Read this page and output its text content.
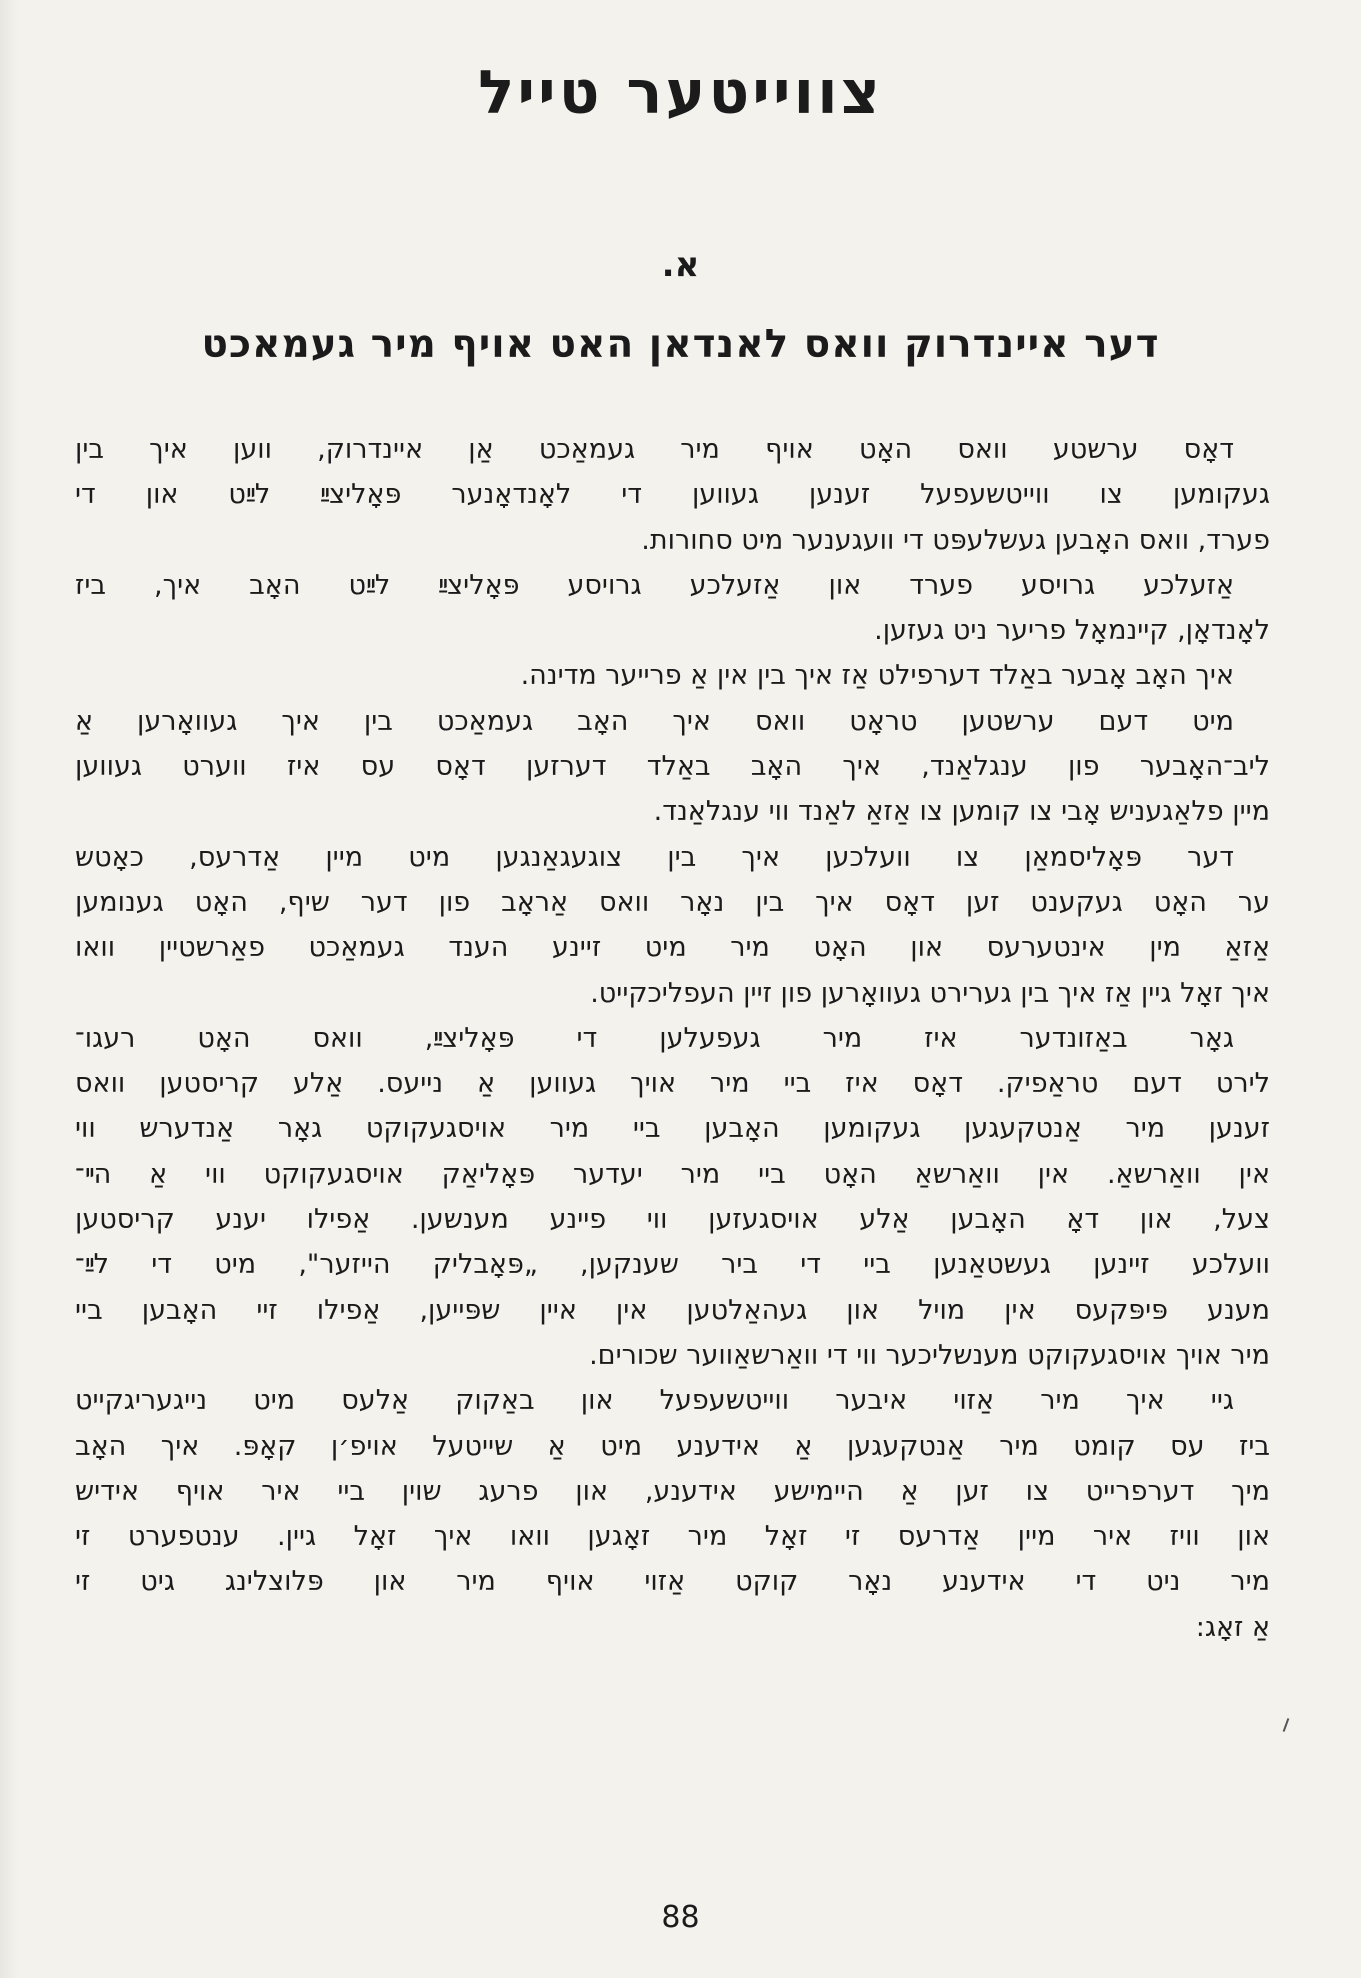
צווייטער טייל
א.
דער איינדרוק וואס לאנדאן האט אויף מיר געמאכט
דאָס ערשטע וואס האָט אויף מיר געמאַכט אַן איינדרוק, ווען איך בין
געקומען צו ווייטשעפעל זענען געווען די לאָנדאָנער פּאָליצײַ לײַט און די
פערד, וואס האָבען געשלעפּט די וועגענער מיט סחורות.
אַזעלכע גרויסע פערד און אַזעלכע גרויסע פּאָליצײַ לײַט האָב איך, ביז
לאָנדאָן, קיינמאָל פריער ניט געזען.
איך האָב אָבער באַלד דערפילט אַז איך בין אין אַ פרייער מדינה.
מיט דעם ערשטען טראָט וואס איך האָב געמאַכט בין איך געוואָרען אַ
ליב־האָבער פון ענגלאַנד, איך האָב באַלד דערזען דאָס עס איז ווערט געווען
מיין פלאַגעניש אָבי צו קומען צו אַזאַ לאַנד ווי ענגלאַנד.
דער פּאָליסמאַן צו וועלכען איך בין צוגעגאַנגען מיט מיין אַדרעס, כאָטש
ער האָט געקענט זען דאָס איך בין נאָר וואס אַראָב פון דער שיף, האָט גענומען
אַזאַ מין אינטערעס און האָט מיר מיט זיינע הענד געמאַכט פאַרשטיין וואו
איך זאָל גיין אַז איך בין גערירט געוואָרען פון זיין העפליכקייט.
גאָר באַזונדער איז מיר געפעלען די פּאָליצײַ, וואס האָט רעגו־
לירט דעם טראַפיק. דאָס איז ביי מיר אויך געווען אַ נייעס. אַלע קריסטען וואס
זענען מיר אַנטקעגען געקומען האָבען ביי מיר אויסגעקוקט גאָר אַנדערש ווי
אין וואַרשאַ. אין וואַרשאַ האָט ביי מיר יעדער פּאָליאַק אויסגעקוקט ווי אַ הײ־
צעל, און דאָ האָבען אַלע אויסגעזען ווי פיינע מענשען. אַפילו יענע קריסטען
וועלכע זיינען געשטאַנען ביי די ביר שענקען, „פּאָבליק הייזער", מיט די לײַ־
מענע פּיפּקעס אין מויל און געהאַלטען אין איין שפּייען, אַפילו זיי האָבען ביי
מיר אויך אויסגעקוקט מענשליכער ווי די וואַרשאַווער שכורים.
גיי איך מיר אַזוי איבער ווייטשעפעל און באַקוק אַלעס מיט נייגעריגקייט
ביז עס קומט מיר אַנטקעגען אַ אידענע מיט אַ שייטעל אויפ׳ן קאָפּ. איך האָב
מיך דערפרייט צו זען אַ היימישע אידענע, און פרעג שוין ביי איר אויף אידיש
און וויז איר מיין אַדרעס זי זאָל מיר זאָגען וואו איך זאָל גיין. ענטפערט זי
מיר ניט די אידענע נאָר קוקט אַזוי אויף מיר און פּלוצלינג גיט זי
אַ זאָג:
88
